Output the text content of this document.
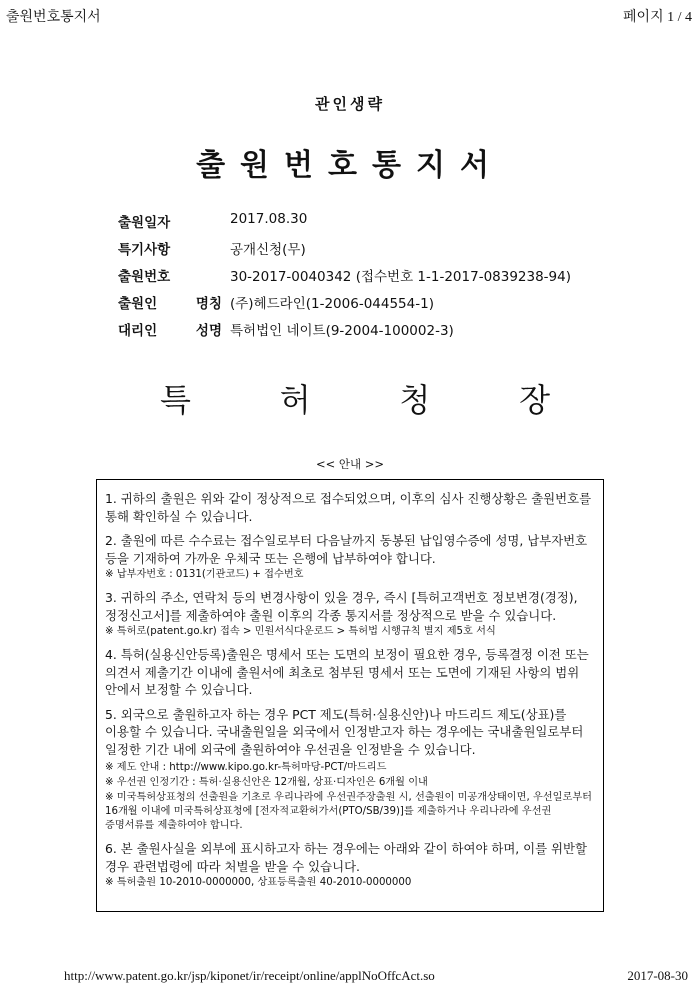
출원번호통지서	페이지 1 / 4
관인생략
출원번호통지서
출원일자	2017.08.30
특기사항	공개신청(무)
출원번호	30-2017-0040342 (접수번호 1-1-2017-0839238-94)
출원인 명칭 (주)헤드라인(1-2006-044554-1)
대리인 성명 특허법인 네이트(9-2004-100002-3)
특	허	청	장
<< 안내 >>
1. 귀하의 출원은 위와 같이 정상적으로 접수되었으며, 이후의 심사 진행상황은 출원번호를 통해 확인하실 수 있습니다.
2. 출원에 따른 수수료는 접수일로부터 다음날까지 동봉된 납입영수증에 성명, 납부자번호 등을 기재하여 가까운 우체국 또는 은행에 납부하여야 합니다.
※ 납부자번호 : 0131(기관코드) + 접수번호
3. 귀하의 주소, 연락처 등의 변경사항이 있을 경우, 즉시 [특허고객번호 정보변경(경정), 정정신고서]를 제출하여야 출원 이후의 각종 통지서를 정상적으로 받을 수 있습니다.
※ 특허로(patent.go.kr) 접속 > 민원서식다운로드 > 특허법 시행규칙 별지 제5호 서식
4. 특허(실용신안등록)출원은 명세서 또는 도면의 보정이 필요한 경우, 등록결정 이전 또는 의견서 제출기간 이내에 출원서에 최초로 첨부된 명세서 또는 도면에 기재된 사항의 범위 안에서 보정할 수 있습니다.
5. 외국으로 출원하고자 하는 경우 PCT 제도(특허·실용신안)나 마드리드 제도(상표)를 이용할 수 있습니다. 국내출원일을 외국에서 인정받고자 하는 경우에는 국내출원일로부터 일정한 기간 내에 외국에 출원하여야 우선권을 인정받을 수 있습니다.
※ 제도 안내 : http://www.kipo.go.kr-특허마당-PCT/마드리드
※ 우선권 인정기간 : 특허·실용신안은 12개월, 상표·디자인은 6개월 이내
※ 미국특허상표청의 선출원을 기초로 우리나라에 우선권주장출원 시, 선출원이 미공개상태이면, 우선일로부터 16개월 이내에 미국특허상표청에 [전자적교환허가서(PTO/SB/39)]를 제출하거나 우리나라에 우선권 증명서류를 제출하여야 합니다.
6. 본 출원사실을 외부에 표시하고자 하는 경우에는 아래와 같이 하여야 하며, 이를 위반할 경우 관련법령에 따라 처벌을 받을 수 있습니다.
※ 특허출원 10-2010-0000000, 상표등록출원 40-2010-0000000
http://www.patent.go.kr/jsp/kiponet/ir/receipt/online/applNoOffcAct.so	2017-08-30
